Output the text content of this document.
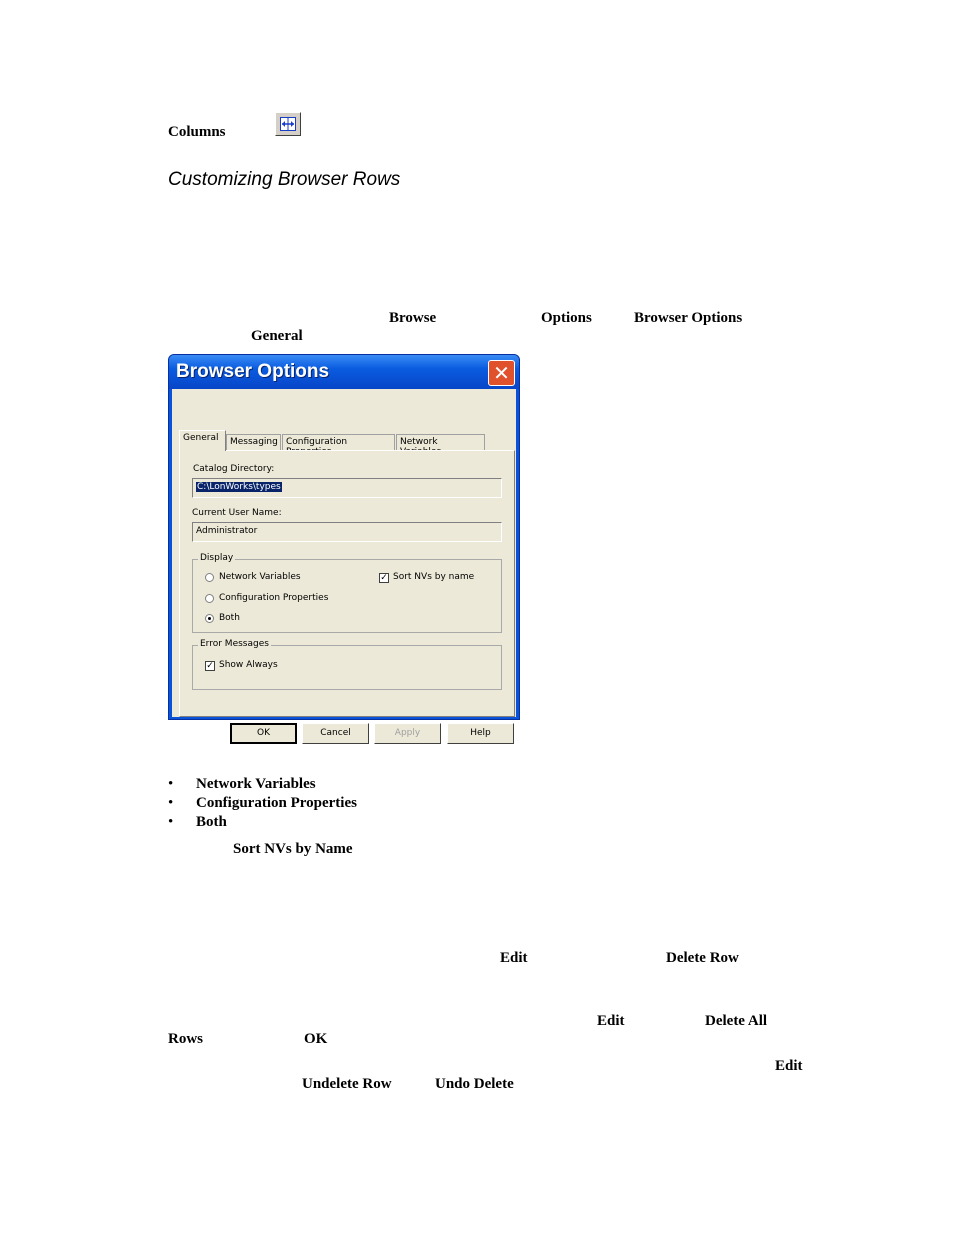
Columns
Customizing Browser Rows
Browse	Options	Browser Options
General
Browser Options	✕
General	Messaging Configuration	Network
Catalog Directory:
C:\LonWorks\types
Current User Name:
Administrator
Display
Network Variables
Configuration Properties
Both
✓ Sort NVs by name
Error Messages
✓ Show Always
OK	Cancel	Apply	Help
• Network Variables
• Configuration Properties
• Both
Sort NVs by Name
Edit	Delete Row
Edit	Delete All
Rows	OK
Edit
Undelete Row	Undo Delete
